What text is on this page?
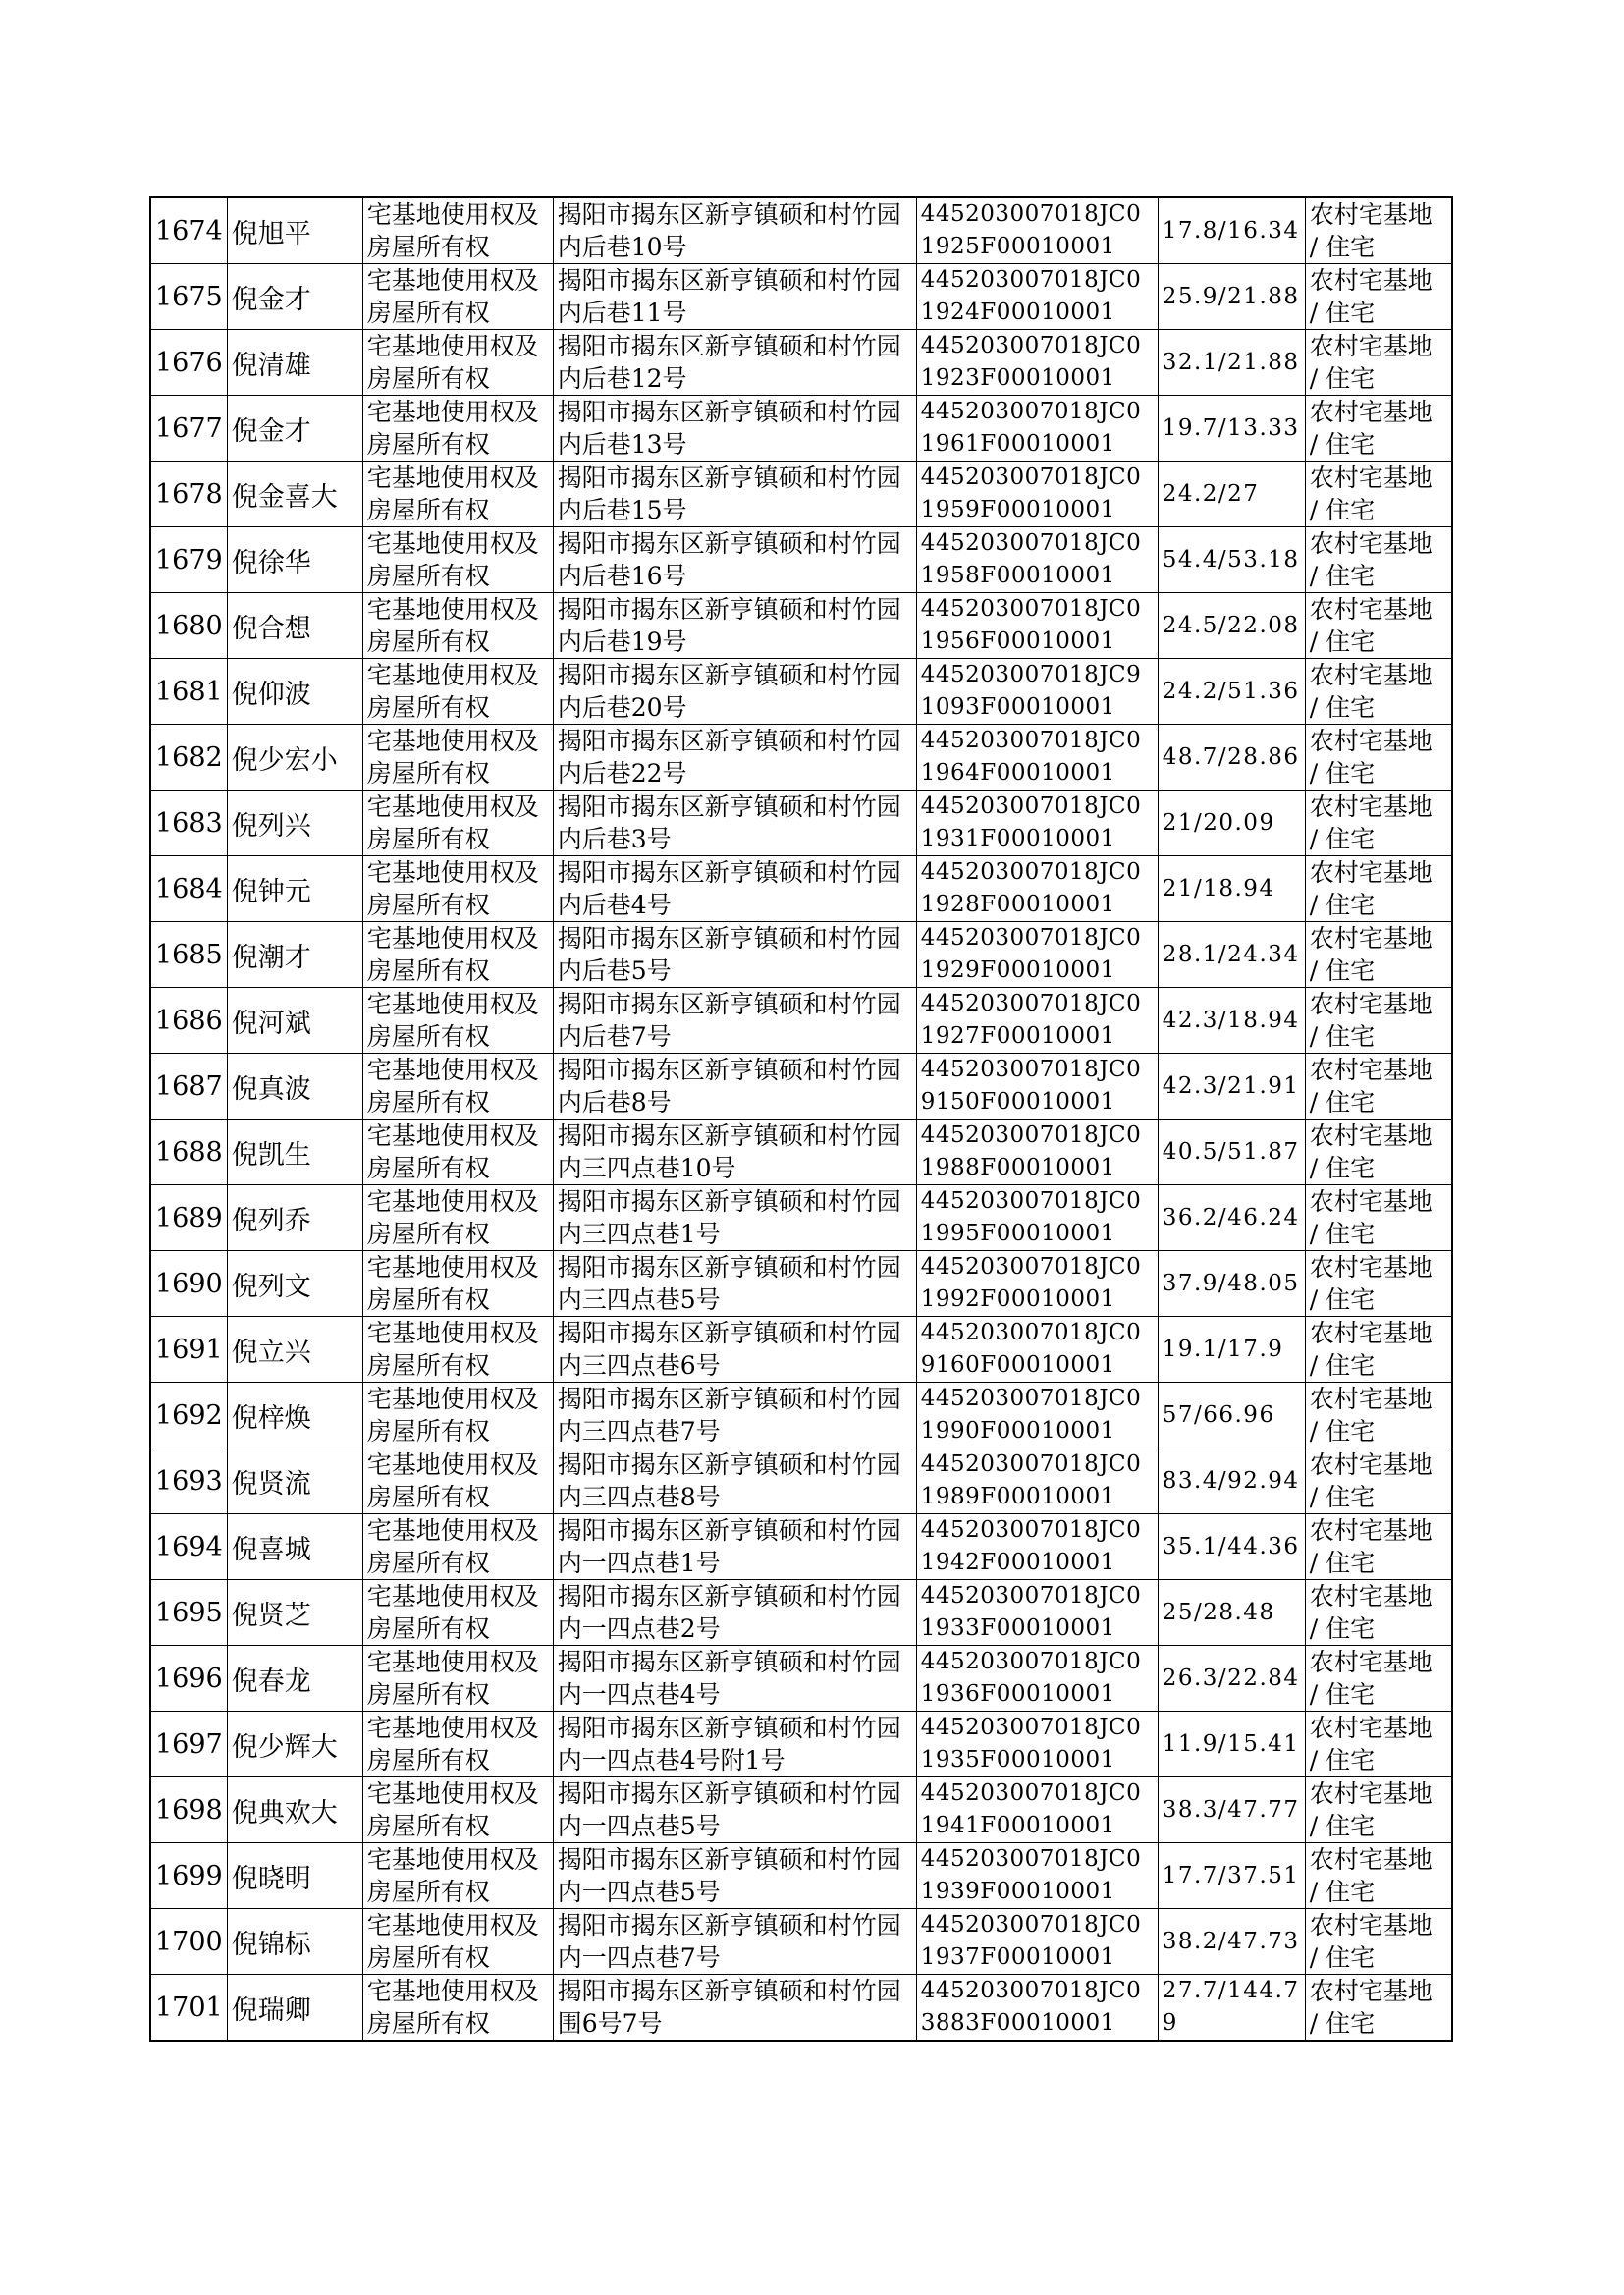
1674	倪旭平	宅基地使用权及房屋所有权	揭阳市揭东区新亨镇硕和村竹园内后巷10号	445203007018JC01925F00010001	17.8/16.34	农村宅基地 / 住宅
1675	倪金才	宅基地使用权及房屋所有权	揭阳市揭东区新亨镇硕和村竹园内后巷11号	445203007018JC01924F00010001	25.9/21.88	农村宅基地 / 住宅
1676	倪清雄	宅基地使用权及房屋所有权	揭阳市揭东区新亨镇硕和村竹园内后巷12号	445203007018JC01923F00010001	32.1/21.88	农村宅基地 / 住宅
1677	倪金才	宅基地使用权及房屋所有权	揭阳市揭东区新亨镇硕和村竹园内后巷13号	445203007018JC01961F00010001	19.7/13.33	农村宅基地 / 住宅
1678	倪金喜大	宅基地使用权及房屋所有权	揭阳市揭东区新亨镇硕和村竹园内后巷15号	445203007018JC01959F00010001	24.2/27	农村宅基地 / 住宅
1679	倪徐华	宅基地使用权及房屋所有权	揭阳市揭东区新亨镇硕和村竹园内后巷16号	445203007018JC01958F00010001	54.4/53.18	农村宅基地 / 住宅
1680	倪合想	宅基地使用权及房屋所有权	揭阳市揭东区新亨镇硕和村竹园内后巷19号	445203007018JC01956F00010001	24.5/22.08	农村宅基地 / 住宅
1681	倪仰波	宅基地使用权及房屋所有权	揭阳市揭东区新亨镇硕和村竹园内后巷20号	445203007018JC91093F00010001	24.2/51.36	农村宅基地 / 住宅
1682	倪少宏小	宅基地使用权及房屋所有权	揭阳市揭东区新亨镇硕和村竹园内后巷22号	445203007018JC01964F00010001	48.7/28.86	农村宅基地 / 住宅
1683	倪列兴	宅基地使用权及房屋所有权	揭阳市揭东区新亨镇硕和村竹园内后巷3号	445203007018JC01931F00010001	21/20.09	农村宅基地 / 住宅
1684	倪钟元	宅基地使用权及房屋所有权	揭阳市揭东区新亨镇硕和村竹园内后巷4号	445203007018JC01928F00010001	21/18.94	农村宅基地 / 住宅
1685	倪潮才	宅基地使用权及房屋所有权	揭阳市揭东区新亨镇硕和村竹园内后巷5号	445203007018JC01929F00010001	28.1/24.34	农村宅基地 / 住宅
1686	倪河斌	宅基地使用权及房屋所有权	揭阳市揭东区新亨镇硕和村竹园内后巷7号	445203007018JC01927F00010001	42.3/18.94	农村宅基地 / 住宅
1687	倪真波	宅基地使用权及房屋所有权	揭阳市揭东区新亨镇硕和村竹园内后巷8号	445203007018JC09150F00010001	42.3/21.91	农村宅基地 / 住宅
1688	倪凯生	宅基地使用权及房屋所有权	揭阳市揭东区新亨镇硕和村竹园内三四点巷10号	445203007018JC01988F00010001	40.5/51.87	农村宅基地 / 住宅
1689	倪列乔	宅基地使用权及房屋所有权	揭阳市揭东区新亨镇硕和村竹园内三四点巷1号	445203007018JC01995F00010001	36.2/46.24	农村宅基地 / 住宅
1690	倪列文	宅基地使用权及房屋所有权	揭阳市揭东区新亨镇硕和村竹园内三四点巷5号	445203007018JC01992F00010001	37.9/48.05	农村宅基地 / 住宅
1691	倪立兴	宅基地使用权及房屋所有权	揭阳市揭东区新亨镇硕和村竹园内三四点巷6号	445203007018JC09160F00010001	19.1/17.9	农村宅基地 / 住宅
1692	倪梓焕	宅基地使用权及房屋所有权	揭阳市揭东区新亨镇硕和村竹园内三四点巷7号	445203007018JC01990F00010001	57/66.96	农村宅基地 / 住宅
1693	倪贤流	宅基地使用权及房屋所有权	揭阳市揭东区新亨镇硕和村竹园内三四点巷8号	445203007018JC01989F00010001	83.4/92.94	农村宅基地 / 住宅
1694	倪喜城	宅基地使用权及房屋所有权	揭阳市揭东区新亨镇硕和村竹园内一四点巷1号	445203007018JC01942F00010001	35.1/44.36	农村宅基地 / 住宅
1695	倪贤芝	宅基地使用权及房屋所有权	揭阳市揭东区新亨镇硕和村竹园内一四点巷2号	445203007018JC01933F00010001	25/28.48	农村宅基地 / 住宅
1696	倪春龙	宅基地使用权及房屋所有权	揭阳市揭东区新亨镇硕和村竹园内一四点巷4号	445203007018JC01936F00010001	26.3/22.84	农村宅基地 / 住宅
1697	倪少辉大	宅基地使用权及房屋所有权	揭阳市揭东区新亨镇硕和村竹园内一四点巷4号附1号	445203007018JC01935F00010001	11.9/15.41	农村宅基地 / 住宅
1698	倪典欢大	宅基地使用权及房屋所有权	揭阳市揭东区新亨镇硕和村竹园内一四点巷5号	445203007018JC01941F00010001	38.3/47.77	农村宅基地 / 住宅
1699	倪晓明	宅基地使用权及房屋所有权	揭阳市揭东区新亨镇硕和村竹园内一四点巷5号	445203007018JC01939F00010001	17.7/37.51	农村宅基地 / 住宅
1700	倪锦标	宅基地使用权及房屋所有权	揭阳市揭东区新亨镇硕和村竹园内一四点巷7号	445203007018JC01937F00010001	38.2/47.73	农村宅基地 / 住宅
1701	倪瑞卿	宅基地使用权及房屋所有权	揭阳市揭东区新亨镇硕和村竹园围6号7号	445203007018JC03883F00010001	27.7/144.79	农村宅基地 / 住宅
